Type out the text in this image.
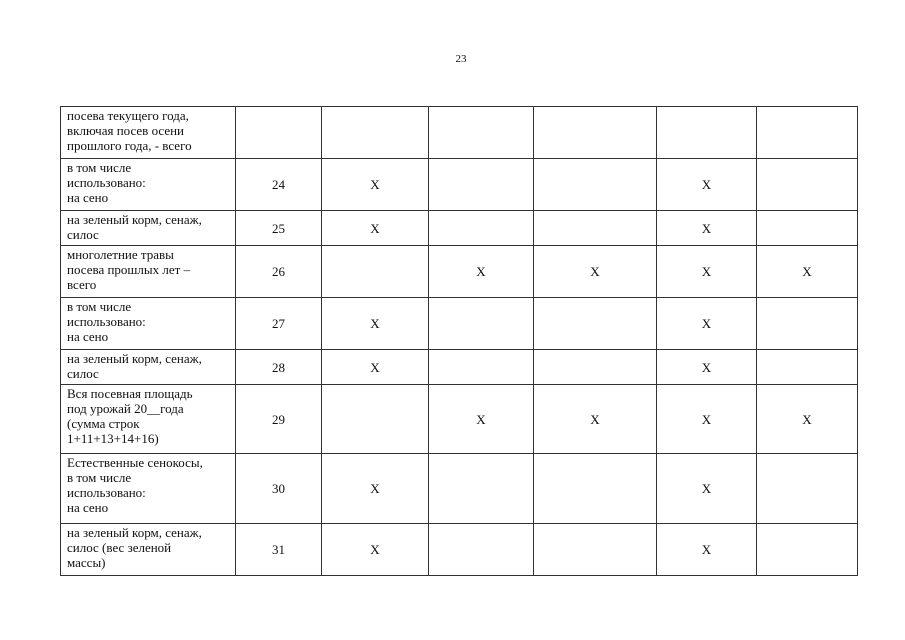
23
посева текущего года,
включая посев осени
прошлого года, - всего						

в том числе
использовано:
на сено	24	X			X	

на зеленый корм, сенаж,
силос	25	X			X	

многолетние травы
посева прошлых лет –
всего	26		X	X	X	X

в том числе
использовано:
на сено	27	X			X	

на зеленый корм, сенаж,
силос	28	X			X	

Вся посевная площадь
под урожай 20__года
(сумма строк
1+11+13+14+16)	29		X	X	X	X

Естественные сенокосы,
в том числе
использовано:
на сено	30	X			X	

на зеленый корм, сенаж,
силос (вес зеленой
массы)	31	X			X	
